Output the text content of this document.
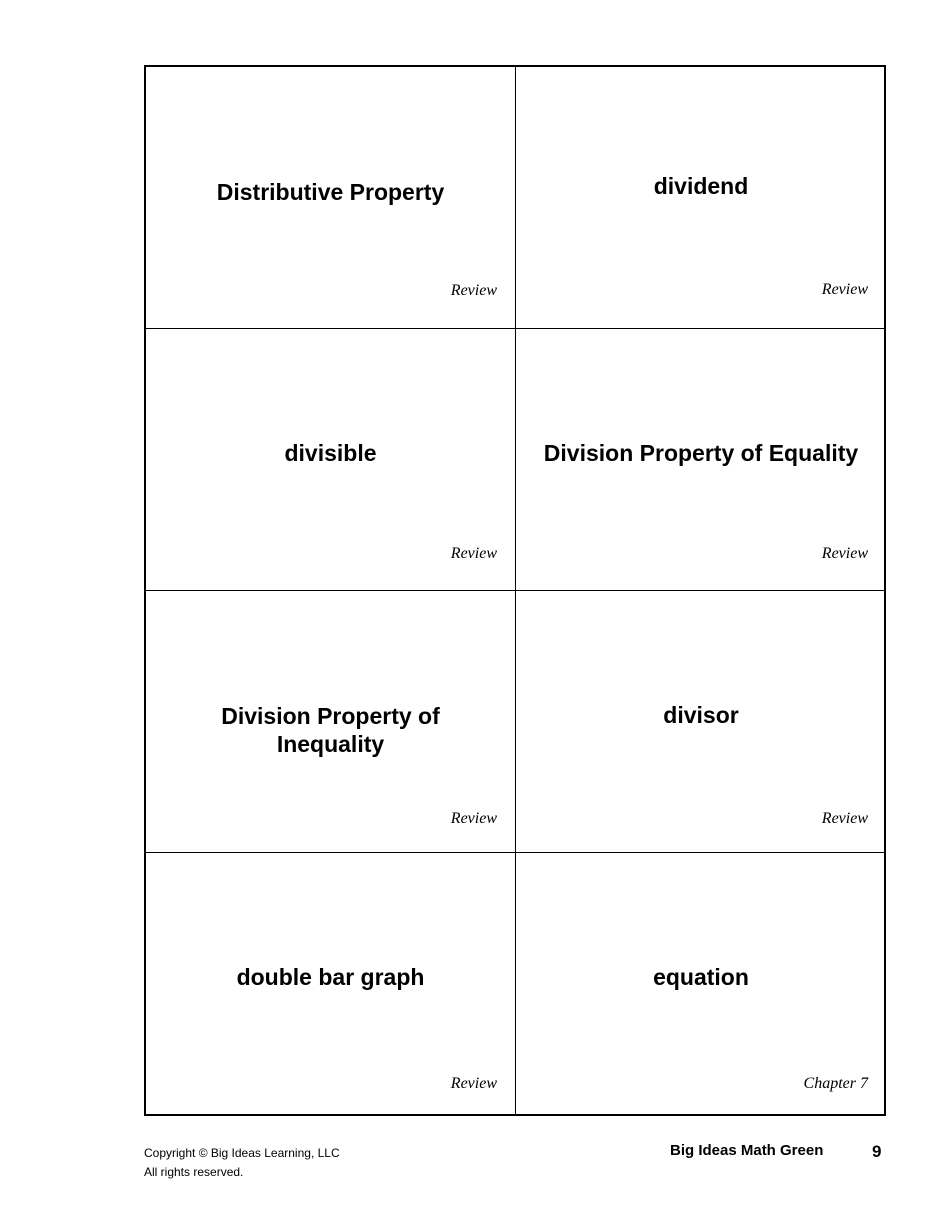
Distributive Property
Review
dividend
Review
divisible
Review
Division Property of Equality
Review
Division Property of Inequality
Review
divisor
Review
double bar graph
Review
equation
Chapter 7
Copyright © Big Ideas Learning, LLC
All rights reserved.
Big Ideas Math Green	9
